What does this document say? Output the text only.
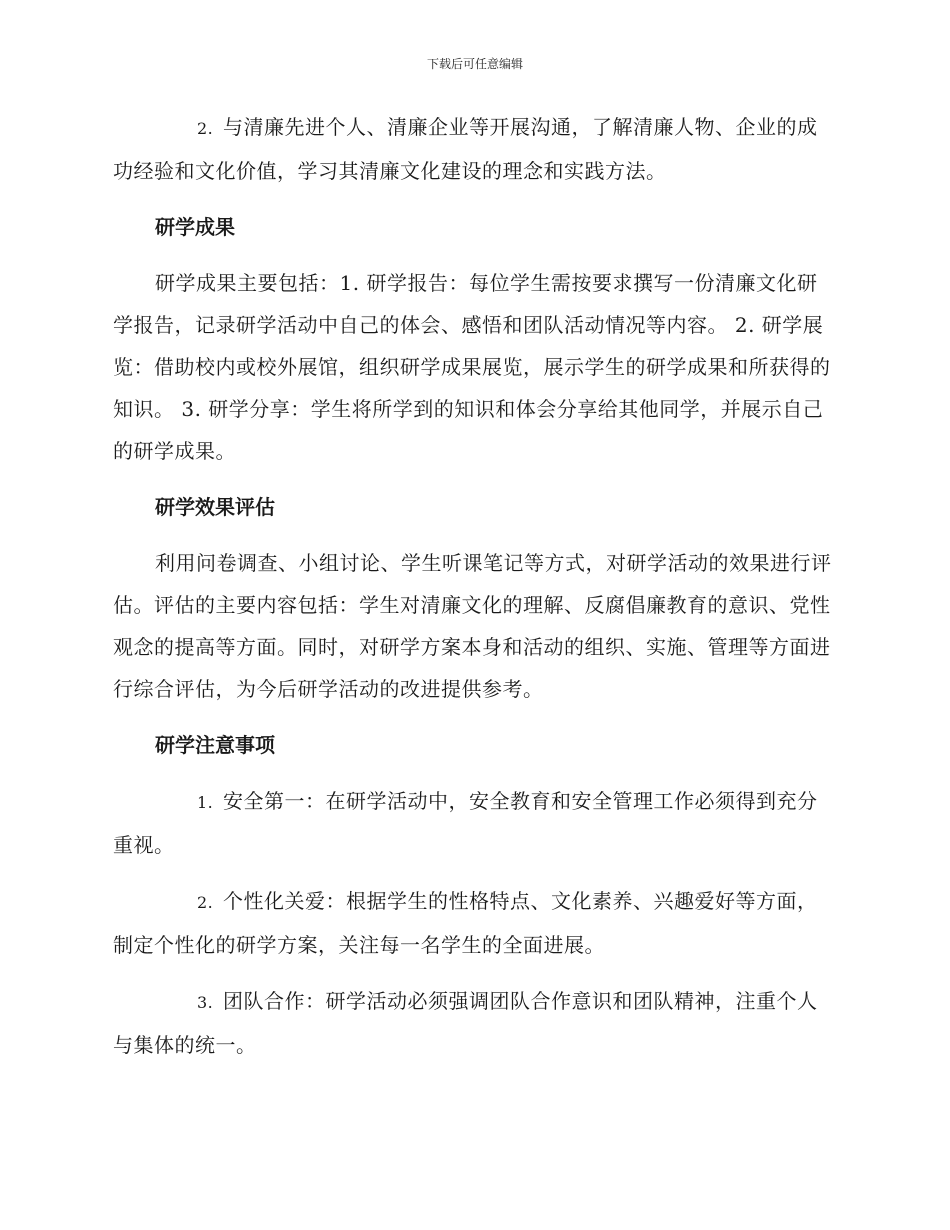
下载后可任意编辑

2. 与清廉先进个人、清廉企业等开展沟通，了解清廉人物、企业的成功经验和文化价值，学习其清廉文化建设的理念和实践方法。

研学成果

研学成果主要包括：1. 研学报告：每位学生需按要求撰写一份清廉文化研学报告，记录研学活动中自己的体会、感悟和团队活动情况等内容。 2. 研学展览：借助校内或校外展馆，组织研学成果展览，展示学生的研学成果和所获得的知识。 3. 研学分享：学生将所学到的知识和体会分享给其他同学，并展示自己的研学成果。

研学效果评估

利用问卷调查、小组讨论、学生听课笔记等方式，对研学活动的效果进行评估。评估的主要内容包括：学生对清廉文化的理解、反腐倡廉教育的意识、党性观念的提高等方面。同时，对研学方案本身和活动的组织、实施、管理等方面进行综合评估，为今后研学活动的改进提供参考。

研学注意事项

1. 安全第一：在研学活动中，安全教育和安全管理工作必须得到充分重视。

2. 个性化关爱：根据学生的性格特点、文化素养、兴趣爱好等方面，制定个性化的研学方案，关注每一名学生的全面进展。

3. 团队合作：研学活动必须强调团队合作意识和团队精神，注重个人与集体的统一。
